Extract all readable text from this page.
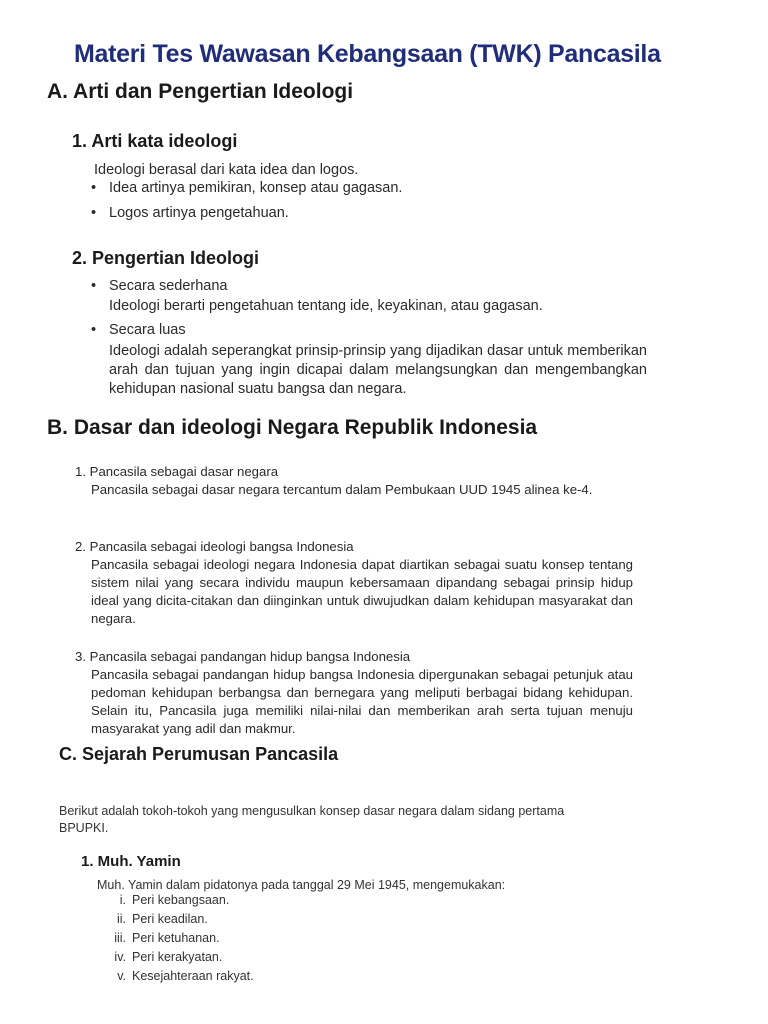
Materi Tes Wawasan Kebangsaan (TWK) Pancasila
A. Arti dan Pengertian Ideologi
1. Arti kata ideologi
Ideologi berasal dari kata idea dan logos.
• Idea artinya pemikiran, konsep atau gagasan.
• Logos artinya pengetahuan.
2. Pengertian Ideologi
• Secara sederhana
Ideologi berarti pengetahuan tentang ide, keyakinan, atau gagasan.
• Secara luas
Ideologi adalah seperangkat prinsip-prinsip yang dijadikan dasar untuk memberikan arah dan tujuan yang ingin dicapai dalam melangsungkan dan mengembangkan kehidupan nasional suatu bangsa dan negara.
B. Dasar dan ideologi Negara Republik Indonesia
1. Pancasila sebagai dasar negara
Pancasila sebagai dasar negara tercantum dalam Pembukaan UUD 1945 alinea ke-4.
2. Pancasila sebagai ideologi bangsa Indonesia
Pancasila sebagai ideologi negara Indonesia dapat diartikan sebagai suatu konsep tentang sistem nilai yang secara individu maupun kebersamaan dipandang sebagai prinsip hidup ideal yang dicita-citakan dan diinginkan untuk diwujudkan dalam kehidupan masyarakat dan negara.
3. Pancasila sebagai pandangan hidup bangsa Indonesia
Pancasila sebagai pandangan hidup bangsa Indonesia dipergunakan sebagai petunjuk atau pedoman kehidupan berbangsa dan bernegara yang meliputi berbagai bidang kehidupan. Selain itu, Pancasila juga memiliki nilai-nilai dan memberikan arah serta tujuan menuju masyarakat yang adil dan makmur.
C. Sejarah Perumusan Pancasila
Berikut adalah tokoh-tokoh yang mengusulkan konsep dasar negara dalam sidang pertama BPUPKI.
1. Muh. Yamin
Muh. Yamin dalam pidatonya pada tanggal 29 Mei 1945, mengemukakan:
i. Peri kebangsaan.
ii. Peri keadilan.
iii. Peri ketuhanan.
iv. Peri kerakyatan.
v. Kesejahteraan rakyat.
